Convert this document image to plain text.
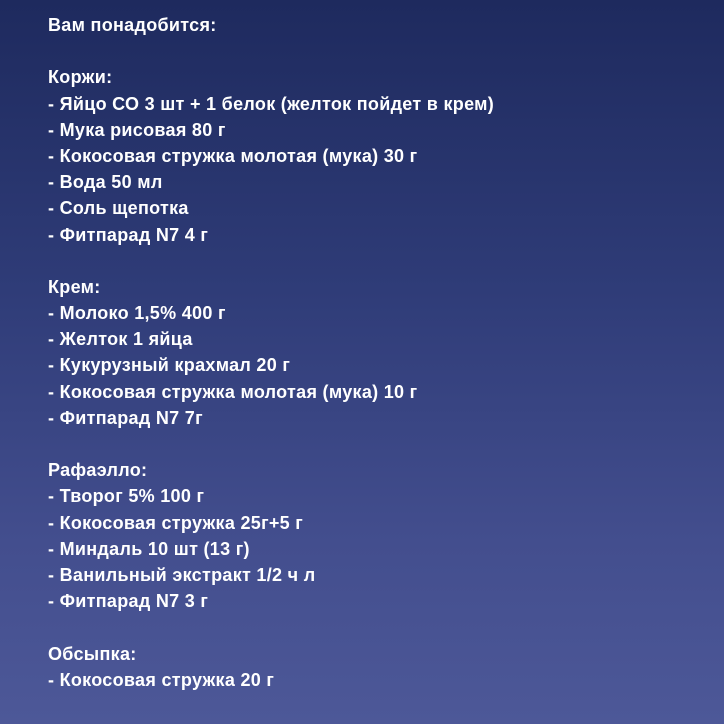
Вам понадобится:
Коржи:
- Яйцо СО 3 шт + 1 белок (желток пойдет в крем)
- Мука рисовая 80 г
- Кокосовая стружка молотая (мука) 30 г
- Вода 50 мл
- Соль щепотка
- Фитпарад N7 4 г
Крем:
- Молоко 1,5% 400 г
- Желток 1 яйца
- Кукурузный крахмал 20 г
- Кокосовая стружка молотая (мука) 10 г
- Фитпарад N7 7г
Рафаэлло:
- Творог 5% 100 г
- Кокосовая стружка 25г+5 г
- Миндаль 10 шт (13 г)
- Ванильный экстракт 1/2 ч л
- Фитпарад N7 3 г
Обсыпка:
- Кокосовая стружка 20 г
